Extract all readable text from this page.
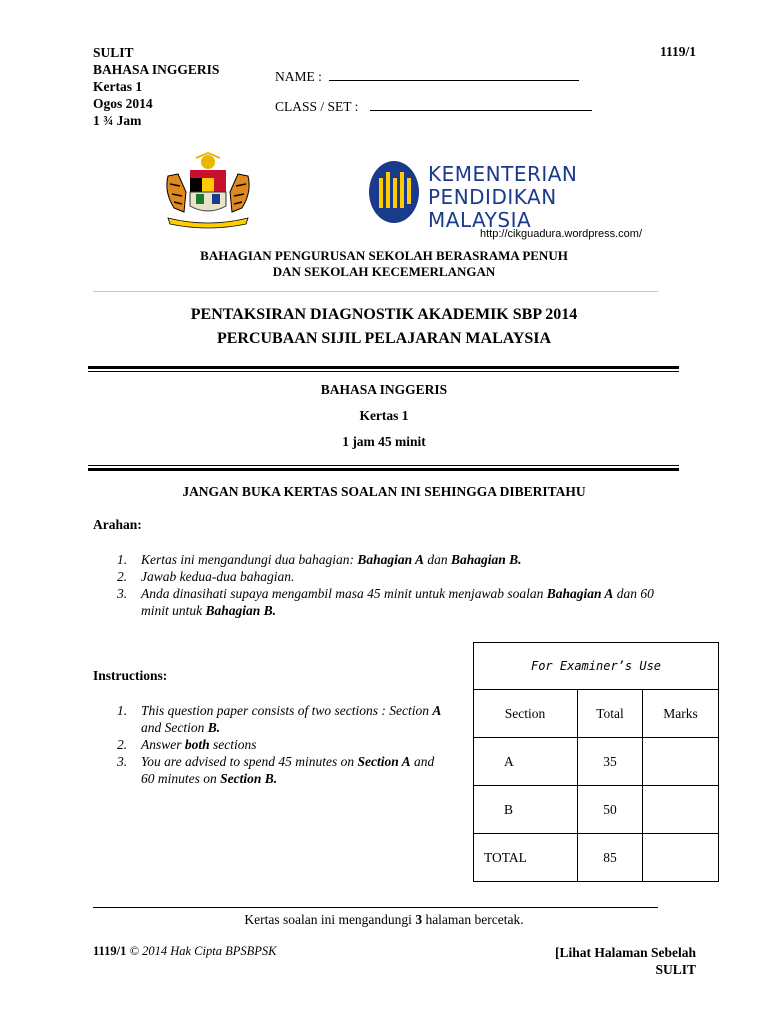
SULIT
BAHASA INGGERIS
Kertas 1
Ogos 2014
1 ¾ Jam
1119/1
NAME :
CLASS / SET :
KEMENTERIAN
PENDIDIKAN
MALAYSIA
http://cikguadura.wordpress.com/
BAHAGIAN PENGURUSAN SEKOLAH BERASRAMA PENUH
DAN SEKOLAH KECEMERLANGAN
PENTAKSIRAN DIAGNOSTIK AKADEMIK SBP 2014
PERCUBAAN SIJIL PELAJARAN MALAYSIA
BAHASA INGGERIS
Kertas 1
1 jam 45 minit
JANGAN BUKA KERTAS SOALAN INI SEHINGGA DIBERITAHU
Arahan:
1. Kertas ini mengandungi dua bahagian: Bahagian A dan Bahagian B.
2. Jawab kedua-dua bahagian.
3. Anda dinasihati supaya mengambil masa 45 minit untuk menjawab soalan Bahagian A dan 60 minit untuk Bahagian B.
Instructions:
1. This question paper consists of two sections : Section A and Section B.
2. Answer both sections
3. You are advised to spend 45 minutes on Section A and 60 minutes on Section B.
For Examiner’s Use		
Section	Total	Marks
A	35	
B	50	
TOTAL	85	
Kertas soalan ini mengandungi 3 halaman bercetak.
1119/1 © 2014 Hak Cipta BPSBPSK	[Lihat Halaman Sebelah
SULIT
